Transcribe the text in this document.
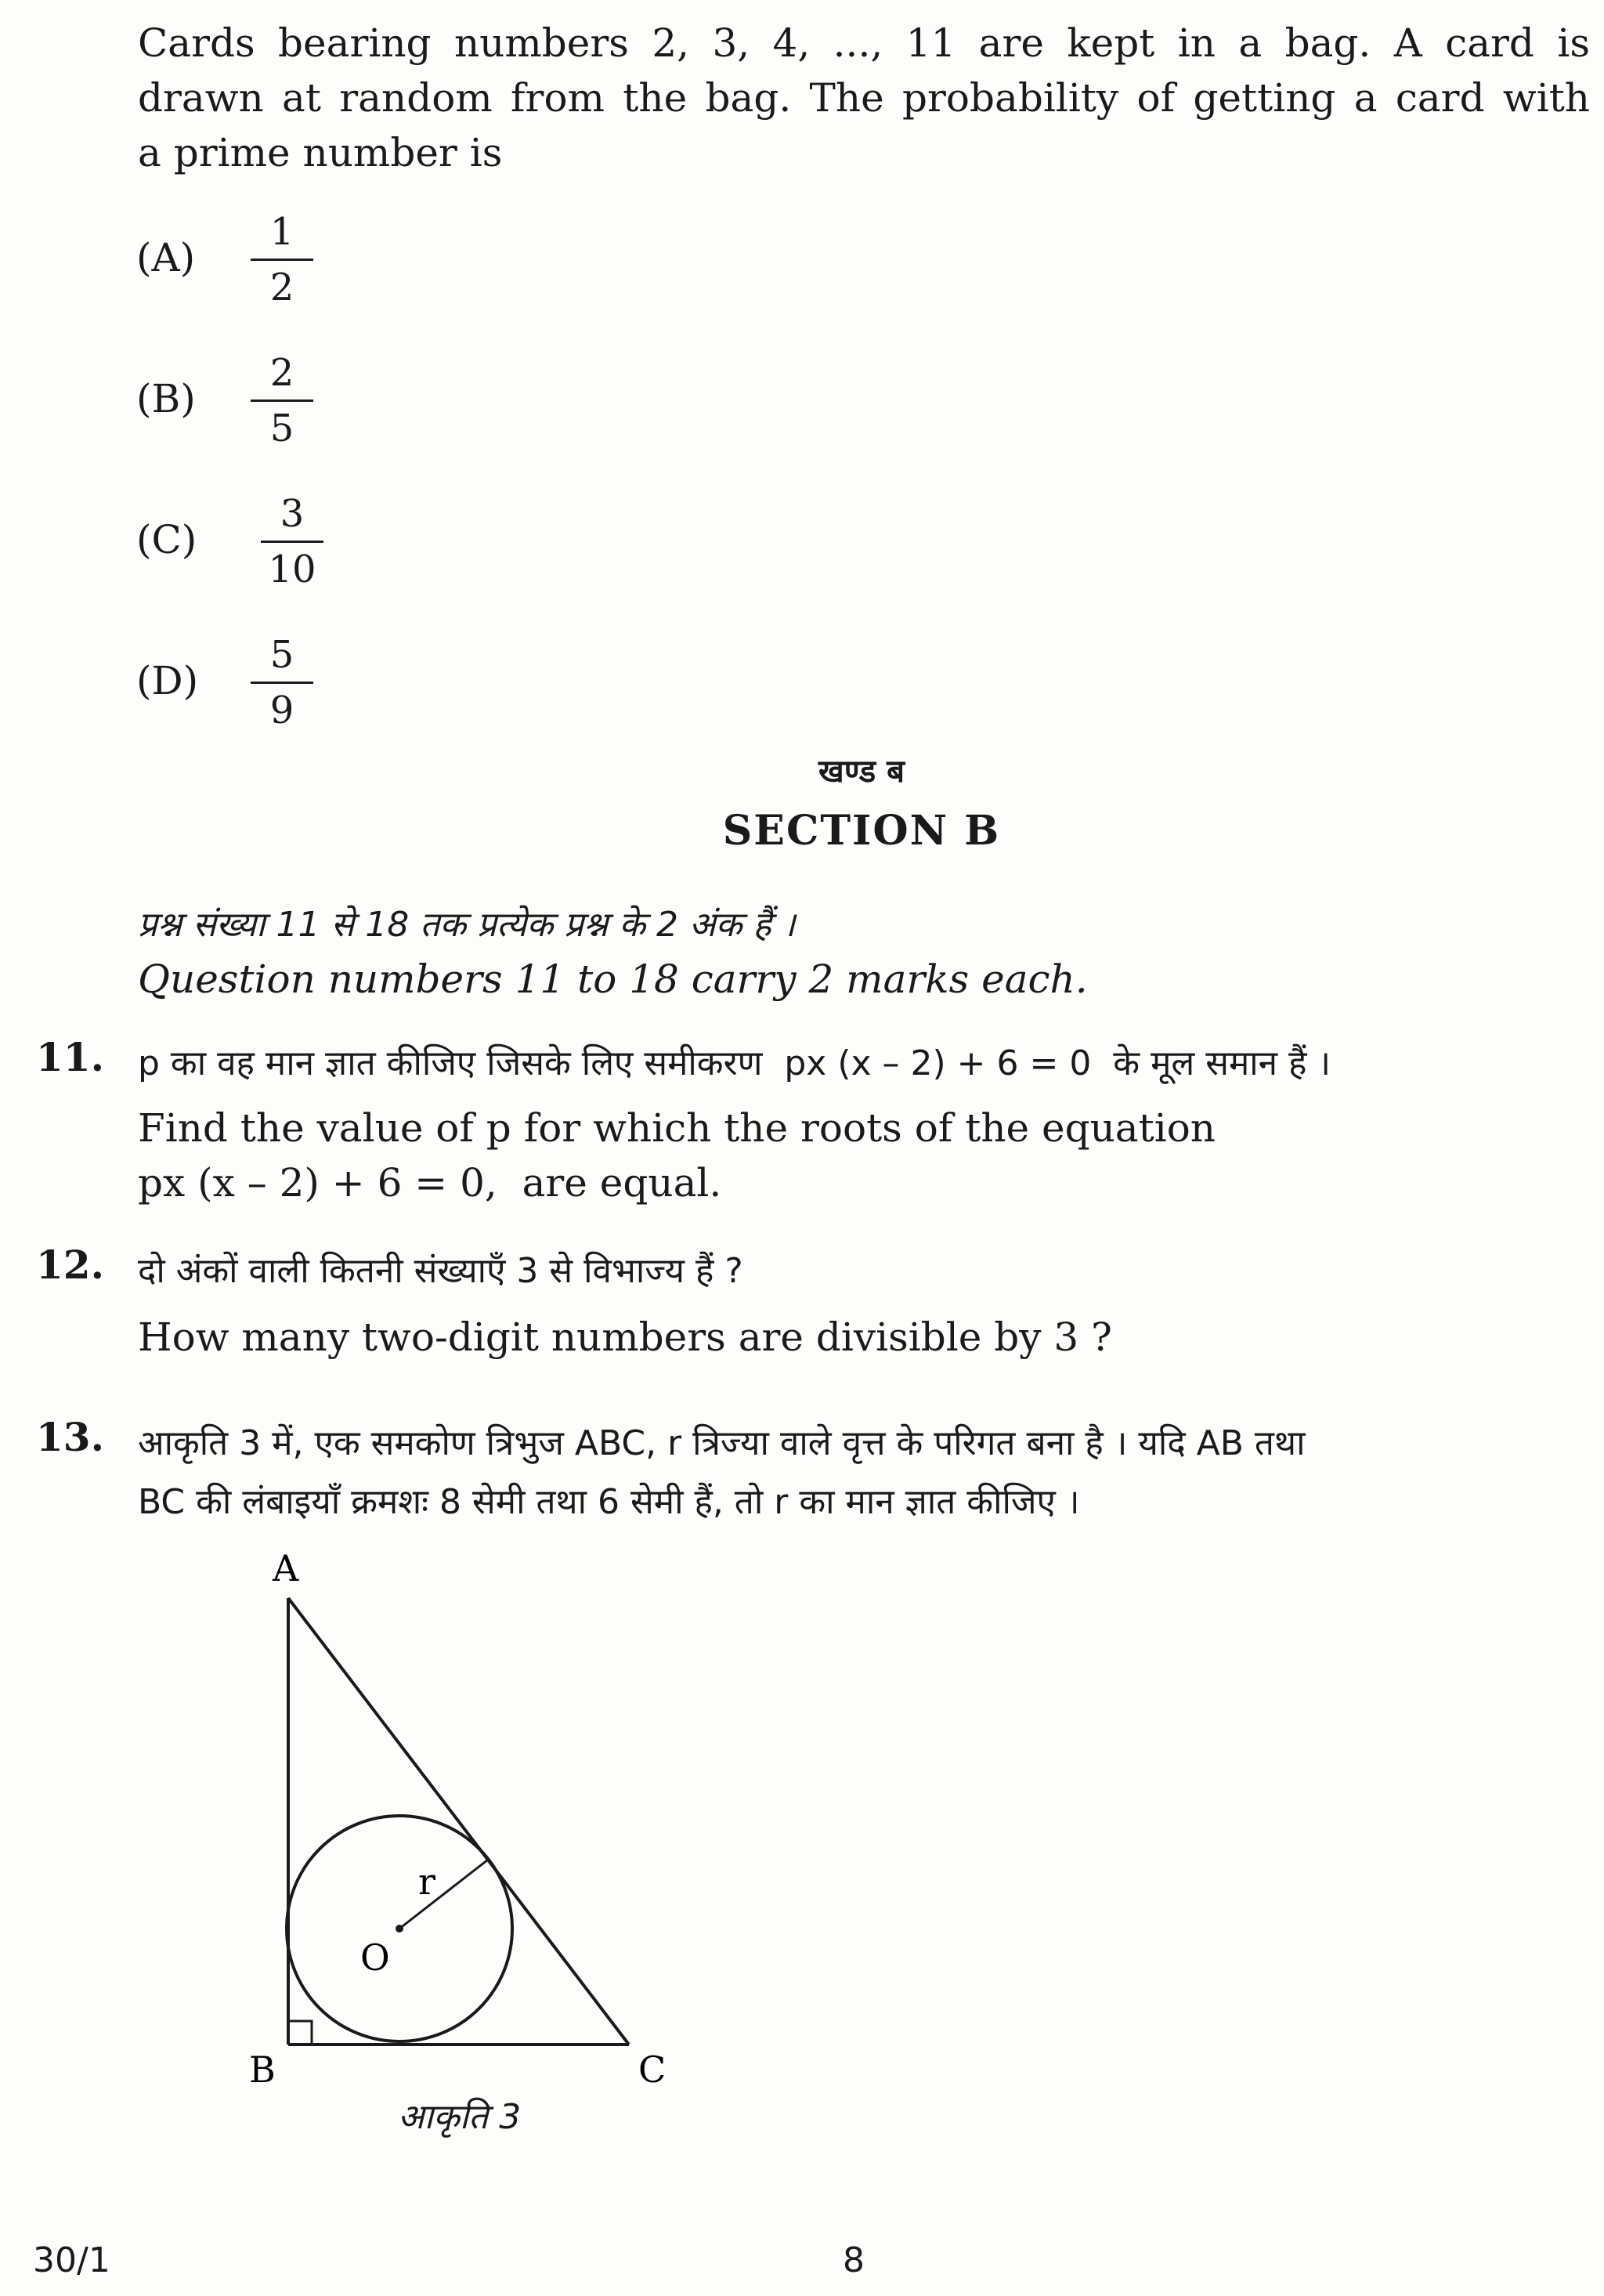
Cards bearing numbers 2, 3, 4, ..., 11 are kept in a bag. A card is
drawn at random from the bag. The probability of getting a card with
a prime number is
(A)
1
2
(B)
2
5
(C)
3
10
(D)
5
9
खण्ड ब
SECTION B
प्रश्न संख्या 11 से 18 तक प्रत्येक प्रश्न के 2 अंक हैं ।
Question numbers 11 to 18 carry 2 marks each.
11. p का वह मान ज्ञात कीजिए जिसके लिए समीकरण  px (x – 2) + 6 = 0  के मूल समान हैं ।
Find the value of p for which the roots of the equation
px (x – 2) + 6 = 0,  are equal.
12. दो अंकों वाली कितनी संख्याएँ 3 से विभाज्य हैं ?
How many two-digit numbers are divisible by 3 ?
13. आकृति 3 में, एक समकोण त्रिभुज ABC, r त्रिज्या वाले वृत्त के परिगत बना है । यदि AB तथा
BC की लंबाइयाँ क्रमशः 8 सेमी तथा 6 सेमी हैं, तो r का मान ज्ञात कीजिए ।
A
B	C
O
r
आकृति 3
30/1	8
